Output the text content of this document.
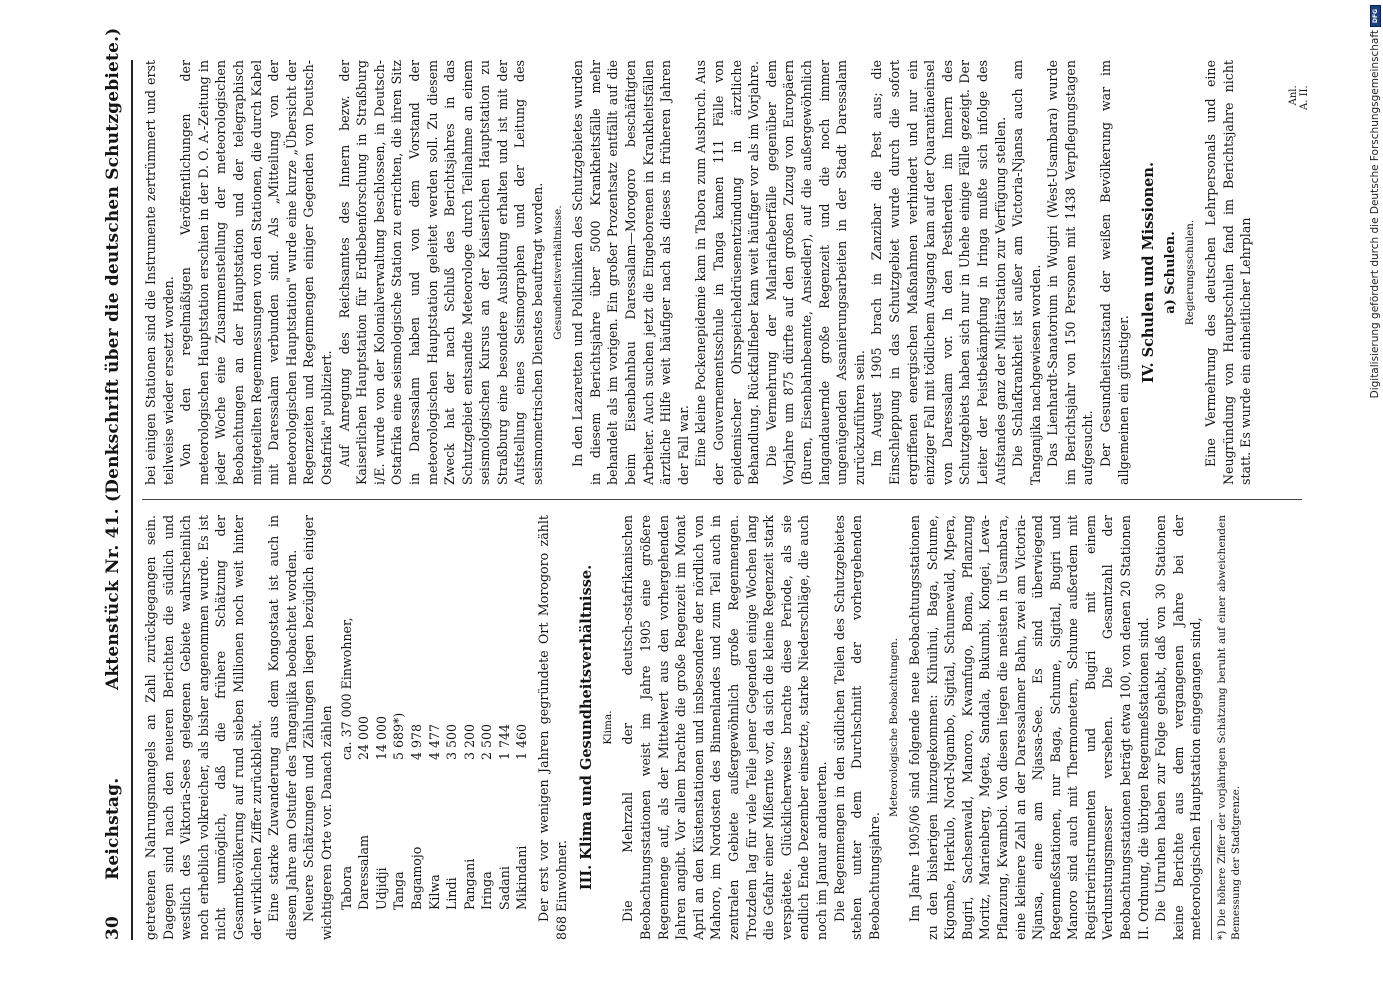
30
Reichstag.
Aktenstück Nr. 41. (Denkschrift über die deutschen Schutzgebiete.)

getretenen Nahrungsmangels an Zahl zurückgegangen sein. Dagegen sind nach den neueren Berichten die südlich und westlich des Viktoria-Sees gelegenen Gebiete wahrscheinlich noch erheblich volkreicher, als bisher angenommen wurde. Es ist nicht unmöglich, daß die frühere Schätzung der Gesamtbevölkerung auf rund sieben Millionen noch weit hinter der wirklichen Ziffer zurückbleibt. Eine starke Zuwanderung aus dem Kongostaat ist auch in diesem Jahre am Ostufer des Tanganjika beobachtet worden. Neuere Schätzungen und Zählungen liegen bezüglich einiger wichtigeren Orte vor. Danach zählen Tabora
ca. 37 000 Einwohner,
Daressalam
24 000
Udjidji
14 000
Tanga
5 689*)
Bagamojo
4 978
Kilwa
4 477
Lindi
3 500
Pangani
3 200
Iringa
2 500
Sadani
1 744
Mikindani
1 460 Der erst vor wenigen Jahren gegründete Ort Morogoro zählt 868 Einwohner. III. Klima und Gesundheitsverhältnisse. Klima. Die Mehrzahl der deutsch-ostafrikanischen Beobachtungsstationen weist im Jahre 1905 eine größere Regenmenge auf, als der Mittelwert aus den vorhergehenden Jahren angibt. Vor allem brachte die große Regenzeit im Monat April an den Küstenstationen und insbesondere der nördlich von Mahoro, im Nordosten des Binnenlandes und zum Teil auch in zentralen Gebiete außergewöhnlich große Regenmengen. Trotzdem lag für viele Teile jener Gegenden einige Wochen lang die Gefahr einer Mißernte vor, da sich die kleine Regenzeit stark verspätete. Glücklicherweise brachte diese Periode, als sie endlich Ende Dezember einsetzte, starke Niederschläge, die auch noch im Januar andauerten. Die Regenmengen in den südlichen Teilen des Schutzgebietes stehen unter dem Durchschnitt der vorhergehenden Beobachtungsjahre.

Meteorologische Beobachtungen. Im Jahre 1905/06 sind folgende neue Beobachtungsstationen zu den bisherigen hinzugekommen: Kihuihui, Baga, Schume, Kigombe, Herkulo, Nord-Ngambo, Sigital, Schumewald, Mpera, Bugiri, Sachsenwald, Manoro, Kwamfugo, Boma, Pflanzung Moritz, Marienberg, Mgeta, Sandala, Bukumbi, Kongei, Lewa-Pflanzung, Kwamboi. Von diesen liegen die meisten in Usambara, eine kleinere Zahl an der Daressalamer Bahn, zwei am Victoria-Njansa, eine am Njassa-See. Es sind überwiegend Regenmeßstationen, nur Baga, Schume, Sigital, Bugiri und Manoro sind auch mit Thermometern, Schume außerdem mit Registrierinstrumenten und Bugiri mit einem Verdunstungsmesser versehen. Die Gesamtzahl der Beobachtungsstationen beträgt etwa 100, von denen 20 Stationen II. Ordnung, die übrigen Regenmeßstationen sind. Die Unruhen haben zur Folge gehabt, daß von 30 Stationen keine Berichte aus dem vergangenen Jahre bei der meteorologischen Hauptstation eingegangen sind, *) Die höhere Ziffer der vorjährigen Schätzung beruht auf einer abweichenden Bemessung der Stadtgrenze.

bei einigen Stationen sind die Instrumente zertrümmert und erst teilweise wieder ersetzt worden. Von den regelmäßigen Veröffentlichungen der meteorologischen Hauptstation erschien in der D. O. A.-Zeitung in jeder Woche eine Zusammenstellung der meteorologischen Beobachtungen an der Hauptstation und der telegraphisch mitgeteilten Regenmessungen von den Stationen, die durch Kabel mit Daressalam verbunden sind. Als „Mitteilung von der meteorologischen Hauptstation" wurde eine kurze „Übersicht der Regenzeiten und Regenmengen einiger Gegenden von Deutsch-Ostafrika" publiziert. Auf Anregung des Reichsamtes des Innern bezw. der Kaiserlichen Hauptstation für Erdbebenforschung in Straßburg i/E. wurde von der Kolonialverwaltung beschlossen, in Deutsch-Ostafrika eine seismologische Station zu errichten, die ihren Sitz in Daressalam haben und von dem Vorstand der meteorologischen Hauptstation geleitet werden soll. Zu diesem Zweck hat der nach Schluß des Berichtsjahres in das Schutzgebiet entsandte Meteorologe durch Teilnahme an einem seismologischen Kursus an der Kaiserlichen Hauptstation zu Straßburg eine besondere Ausbildung erhalten und ist mit der Aufstellung eines Seismographen und der Leitung des seismometrischen Dienstes beauftragt worden. Gesundheitsverhältnisse. In den Lazaretten und Polikliniken des Schutzgebietes wurden in diesem Berichtsjahre über 5000 Krankheitsfälle mehr behandelt als im vorigen. Ein großer Prozentsatz entfällt auf die beim Eisenbahnbau Daressalam—Morogoro beschäftigten Arbeiter. Auch suchen jetzt die Eingeborenen in Krankheitsfällen ärztliche Hilfe weit häufiger nach als dieses in früheren Jahren der Fall war. Eine kleine Pockenepidemie kam in Tabora zum Ausbruch. Aus der Gouvernementsschule in Tanga kamen 111 Fälle von epidemischer Ohrspeicheldrüsenentzündung in ärztliche Behandlung. Rückfallfieber kam weit häufiger vor als im Vorjahre. Die Vermehrung der Malariafieberfälle gegenüber dem Vorjahre um 875 dürfte auf den großen Zuzug von Europäern (Buren, Eisenbahnbeamte, Ansiedler), auf die außergewöhnlich langandauernde große Regenzeit und die noch immer ungenügenden Assanierungsarbeiten in der Stadt Daressalam zurückzuführen sein. Im August 1905 brach in Zanzibar die Pest aus; die Einschleppung in das Schutzgebiet wurde durch die sofort ergriffenen energischen Maßnahmen verhindert und nur ein einziger Fall mit tödlichem Ausgang kam auf der Quarantäneinsel von Daressalam vor. In den Pestherden im Innern des Schutzgebiets haben sich nur in Uhehe einige Fälle gezeigt. Der Leiter der Peistbekämpfung in Iringa mußte sich infolge des Aufstandes ganz der Militärstation zur Verfügung stellen. Die Schlafkrankheit ist außer am Victoria-Njansa auch am Tanganjika nachgewiesen worden. Das Lienhardt-Sanatorium in Wugiri (West-Usambara) wurde im Berichtsjahr von 150 Personen mit 1438 Verpflegungstagen aufgesucht. Der Gesundheitszustand der weißen Bevölkerung war im allgemeinen ein günstiger.

IV. Schulen und Missionen. a) Schulen. Regierungsschulen. Eine Vermehrung des deutschen Lehrpersonals und eine Neugründung von Hauptschulen fand im Berichtsjahre nicht statt. Es wurde ein einheitlicher Lehrplan

Anl. A. II.
DFG
Digitalisierung gefördert durch die Deutsche Forschungsgemeinschaft
